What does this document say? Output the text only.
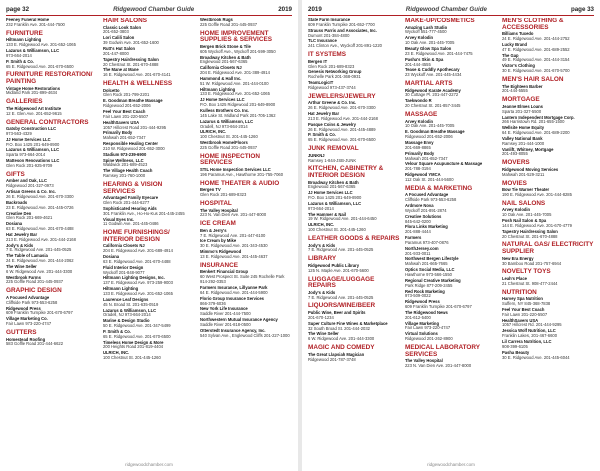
page 32	Ridgewood Chamber Guide	2019
Feeney Funeral Home
232 Franklin Ave. 201-444-7500
FURNITURE
Hiltmann Lighting
133 E. Ridgewood Ave. 201-652-1065
Lazarus & Williamson, LLC
973-664-2014
P. Smith & Co.
65 E. Ridgewood Ave. 201-670-6500
FURNITURE RESTORATION/ PAINTING
Vintage Home Restorations
Midland Park 201-899-4634
GALLERIES
The Ridgewood Art Institute
12 E. Glen Ave. 201-652-9615
GENERAL CONTRACTORS
Gatsby Construction LLC
973-563-4329
JJ Home Services LLC
P.O. Box 1425 201-649-8900
Lazarus & Williamson, LLC
Sparta 973-664-2014
Matteson Renovations LLC
Glen Rock 201-925-9709
GIFTS
Amber and Oak, LLC
Ridgewood 201-327-0973
Artisan Greens & Co. Inc.
26 E. Ridgewood Ave. 201-670-3300
Backroads
23 E. Ridgewood Ave. 201-445-0726
Creative Den
Glen Rock 201-669-4621
Dosiana
63 E. Ridgewood Ave. 201-670-4488
Hat Jewelry Bar
213 E. Ridgewood Ave. 201-444-2168
Jody's & Kids
7 E. Ridgewood Ave. 201-445-0525
The Table of Lamasia
24 E. Ridgewood Ave. 201-444-2062
The Wine Seller
6 W. Ridgewood Ave. 201-444-3300
Westbrook Farms
225 Goffle Road 201-445-0937
GRAPHIC DESIGN
A Focused Advantage
Cliffside Park 973-553-6258
Ridgewood Press
609 Franklin Turnpike 201-670-6797
Village Marketing Co.
Fair Lawn 973-220-4747
GUTTERS
Homestead Roofing
583 Goffle Road 201-444-6622
HAIR SALONS
Classic Look Salon
201-652-3803
Lori Calili Salon
39 Godwin Ave. 201-652-1600
Rutt's Hut Salon
201-447-8000
Tapestry Hairdressing Salon
20 Chestnut St. 201-670-4888
The Mane at Mane
16 E. Ridgewood Ave. 201-670-4141
HEALTH & WELLNESS
Dolcetto
Glen Rock 201-799-2201
E. Goodman Breathe Massage
Ridgewood 201-652-2006
Feel Your Best Coach
Fair Lawn 201-220-5507
HealthSavers USA
1057 Hillcrest Road 201-444-9295
Primarily Body
Mahwah 201-652-7347
Responsible Healing Center
210 W. Ridgewood 201-652-3000
Stadium 973-239-6900
Spine Wellness, LLC
Waldwick 201-689-4523
The Village Health Coach
Ramsey 201-760-1000
HEARING & VISION SERVICES
Advantaged Family Eyecare
Glen Rock 201-444-6277
Sophisticated Hearing Aids
301 Franklin Ave., Ho-Ho-Kus 201-445-2455
Visual Eyes Inc.
11 Godwin Ave. 201-445-0486
HOME FURNISHINGS/ INTERIOR DESIGN
California Closets NJ
204 E. Ridgewood Ave. 201-689-4914
Dosiana
63 E. Ridgewood Ave. 201-670-4488
Fluid Interior Design
Wyckoff 201-848-9077
Hiltmann Lighting Designs, Inc.
137 E. Ridgewood Ave. 973-259-9003
Hiltmann Lighting
133 E. Ridgewood Ave. 201-652-1065
Laurence Leaf Designs
45 N. Broad St. 201-635-0519
Lazarus & Williamson, LLC
Oradell, NJ 973-664-2014
Marine & Design Studio
50 E. Ridgewood Ave. 201-347-5499
P. Smith & Co.
65 E. Ridgewood Ave. 201-670-6500
Timeless Home Design & More
200 Heights Road 201-819-4404
ULRICH, INC.
100 Chestnut St. 201-445-1260
Westbrook Rugs
225 Goffle Road 201-445-0937
HOME IMPROVEMENT SUPPLIES & SERVICES
Bergen Brick Stone & Tile
605 Wyckoff Ave., Wyckoff 201-599-3050
Broadway Kitchen & Bath
Englewood 201-567-6365
California Closets NJ
204 E. Ridgewood Ave. 201-389-4914
Hammond & Hall Inc.
51 W. Ridgewood Ave. 201-444-0100
Hiltmann Lighting
133 E. Ridgewood Ave. 201-652-1065
JJ Home Services LLC
P.O. Box 1425 Ridgewood 201-649-8900
Kulless Brothers Co. Inc.
145 Lake St. Midland Park 201-705-1362
Lazarus & Williamson, LLC
Oradell, NJ 973-664-2014
ULRICH, INC.
100 Chestnut St. 201-445-1260
Westbrook Home/Floors
225 Goffle Road 201-445-0937
HOME INSPECTION SERVICES
STIL Home Inspection Services LLC
196 Paramus Ave., Hawthorne 201-755-7060
HOME THEATER & AUDIO
Bergen TV
Glen Rock 201-689-8323
HOSPITAL
The Valley Hospital
223 N. Van Dien Ave. 201-447-8000
ICE CREAM
Ben & Jerry's
7 E. Ridgewood Ave. 201-447-6100
Ice Cream by Mike
30 E. Ridgewood Ave. 201-343-4530
Mimmo's Ridgewood
13 E. Ridgewood Ave. 201-445-4637
INSURANCE
Benkert Financial Group
60 West Prospect St. Suite 245 Rochelle Park 914-292-0353
Farmers Insurance, Lillyanne Park
64 E. Ridgewood Ave. 201-444-5900
Florio Group Insurance Services
866-379-6036
New York Life Insurance
Saddle River 201-444-7500
Northwestern Mutual Insurance Agency
Saddle River 201-818-0500
Otterstedt Insurance Agency, Inc.
540 Sylvan Ave., Englewood Cliffs 201-227-1000
ridgewoodchamber.com
2019	Ridgewood Chamber Guide	page 33
State Farm Insurance
609 Franklin Turnpike 201-652-7700
Strauss Parris and Associates, Inc.
Dumont 201-384-4800
TLC Insurance
241 Clinton Ave., Wyckoff 201-891-1220
IT SYSTEMS
Bergen IT
Glen Rock 201-689-8323
Genesis Networking Group
Rochelle Park 201-368-0931
TeamLogicIT
Ridgewood 973-437-3744
JEWELERS/JEWELRY
Arthur Greene & Co. Inc.
26 E. Ridgewood Ave. 201-670-3300
Hat Jewelry Bar
213 E. Ridgewood Ave. 201-444-2168
Pasque Coins & Jewelry
26 E. Ridgewood Ave. 201-445-4889
P. Smith & Co.
65 E. Ridgewood Ave. 201-670-6500
JUNK REMOVAL
JUNKNJ
Ramsey 1-844-JSB-JUNK
KITCHEN, CABINETRY & INTERIOR DESIGN
Broadway Kitchen & Bath
Englewood 201-567-6365
JJ Home Services LLC
P.O. Box 1425 201-649-8900
Lazarus & Williamson, LLC
973-664-2014
The Hammer & Nail
19 W. Ridgewood Ave. 201-444-6450
ULRICH, INC.
100 Chestnut St. 201-445-1260
LEATHER GOODS & REPAIRS
Jody's & Kids
7 E. Ridgewood Ave. 201-445-0525
LIBRARY
Ridgewood Public Library
125 N. Maple Ave. 201-670-5600
LUGGAGE/LUGGAGE REPAIRS
Jody's & Kids
7 E. Ridgewood Ave. 201-445-0525
LIQUORS/WINE/BEER
Public Wine, Beer and Spirits
201-670-1234
Super Culture Fine Wines & Marketplace
32 South Broad St. 201-444-2032
The Wine Seller
6 W. Ridgewood Ave. 201-444-3300
MAGIC AND COMEDY
The Great Llapsiah Magician
Ridgewood 201-787-3748
MAKE-UP/COSMETICS
Amazing Lash Studio
Wyckoff 551-777-4500
Arvey Kolodin
10 Oak Ave. 201-445-7005
Beauty Glow Spa Salon
23 E. Ridgewood Ave. 201-444-7475
Pasha's Skin & Spa
201-444-4555
Tease & Cuddly Apothecary
23 Wyckoff Ave. 201-445-4434
MARTIAL ARTS
Ridgewood Karate Academy
30 Cottage Pl. 201-447-2272
Taekwondo R
20 Chestnut St. 201-857-3445
MASSAGE
Arvey Kolodin
10 Oak Ave. 201-445-7005
E. Goodman Breathe Massage
Ridgewood 201-652-2006
Massage Envy
201-669-8865
Primarily Body
Mahwah 201-652-7347
Velour Square Acupuncture & Massage
201-788-3194
Ridgewood YMCA
112 Oak St. 201-444-5600
MEDIA & MARKETING
A Focused Advantage
Cliffside Park 973-553-6258
Ardmore Nova
Wyckoff 201-891-2874
Creative Solutions
845-642-0200
Flora Links Marketing
201-888-4444
Farmers
Paramus 973-407-0876
NorthJersey.com
201-933-0011
Northwest Bergen Lifestyle
Mahwah 201-665-7665
Optics Social Media, LLC
Hawthorne 973-566-1550
Regional Creative Marketing
Park Ridge 877-209-2455
Red Rock Marketing
973-509-0022
Ridgewood Press
609 Franklin Turnpike 201-670-6797
The Ridgewood News
201-612-5400
Village Marketing
Fair Lawn 973-220-4747
Virtual Solutions
Ridgewood 201-262-8900
MEDICAL LABORATORY SERVICES
The Valley Hospital
223 N. Van Dien Ave. 201-447-8000
MEN'S CLOTHING & ACCESSORIES
Billiams Tuxedo
24 E. Ridgewood Ave. 201-444-2752
Lucky Brand
47 E. Ridgewood Ave. 201-689-2552
The Gap
49 E. Ridgewood Ave. 201-444-3154
Victor's Clothing
30 E. Ridgewood Ave. 201-670-5700
MEN'S HAIR SALON
The Eighteen Barber
201-444-5555
MORTGAGE
Jeanne Elmes Loans
Sparta 201-327-5500
Lantern Independent Mortgage Corp.
266 Harristown Rd. 201-655-1500
Wellsite Home Equity
64 E. Ridgewood Ave. 201-689-2200
Valley National Bank
Ramsey 201-444-1000
Vanlift, Whitney, Mortgage
201-493-8055
MOVERS
Ridgewood Moving Services
Mahwah 201-529-3211
MOVIES
Bow Tie Warner Theater
190 E. Ridgewood Ave. 201-444-8285
NAIL SALONS
Arvey Kolodin
10 Oak Ave. 201-445-7005
Posh Nail Salon & Spa
144 E. Ridgewood Ave. 201-670-4779
Tapestry Hairdressing Salon
20 Chestnut St. 201-670-4888
NATURAL GAS/ ELECTRICITY SUPPLIER
New Era Energy
30 Bamboo Road 201-757-6944
NOVELTY TOYS
Leah's Place
21 Chestnut St. 908-477-2444
NUTRITION
Harvey Spa Nutrition
Suffern, NY 845-368-7838
Feel Your Best Coach
Fair Lawn 201-220-5507
HealthSavers USA
1057 Hillcrest Rd. 201-444-9295
Jessica Wolf Nutrition, LLC
Franklin Lakes, 201-467-6600
Lil Carrera Nutrition, LLC
908-399-6105
Pasha Beauty
30 E. Ridgewood Ave. 201-445-6044
ridgewoodchamber.com
